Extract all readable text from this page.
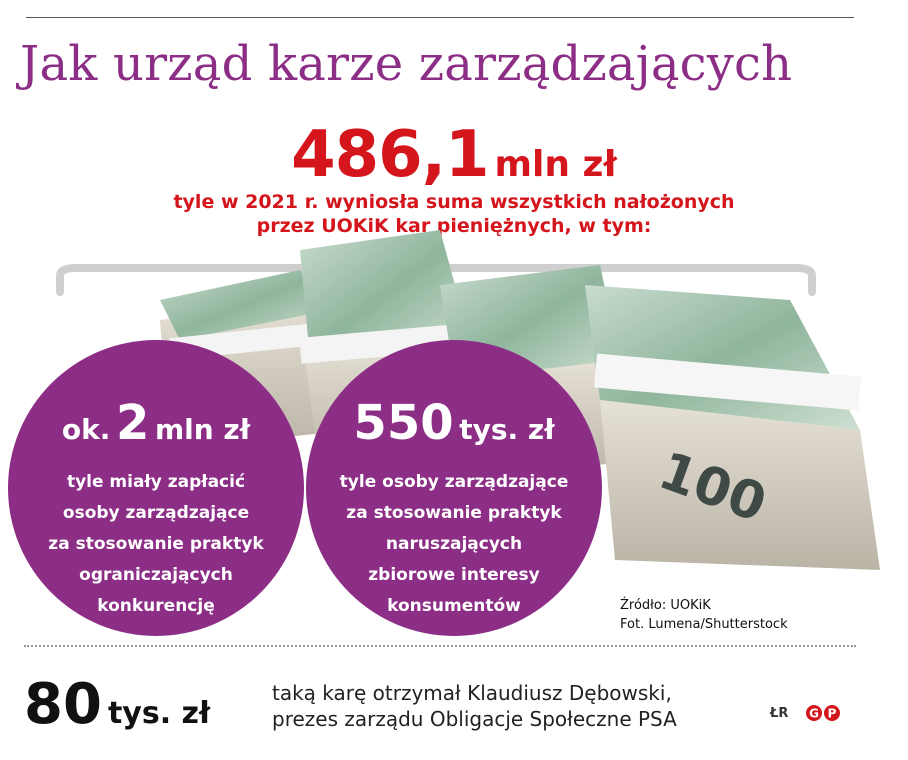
Jak urząd karze zarządzających
486,1 mln zł
tyle w 2021 r. wyniosła suma wszystkich nałożonych
przez UOKiK kar pieniężnych, w tym:
100
ok. 2 mln zł
tyle miały zapłacić
osoby zarządzające
za stosowanie praktyk
ograniczających
konkurencję
550 tys. zł
tyle osoby zarządzające
za stosowanie praktyk
naruszających
zbiorowe interesy
konsumentów	Źródło: UOKiK
Fot. Lumena/Shutterstock
80 tys. zł
taką karę otrzymał Klaudiusz Dębowski,
prezes zarządu Obligacje Społeczne PSA	ŁR G P
